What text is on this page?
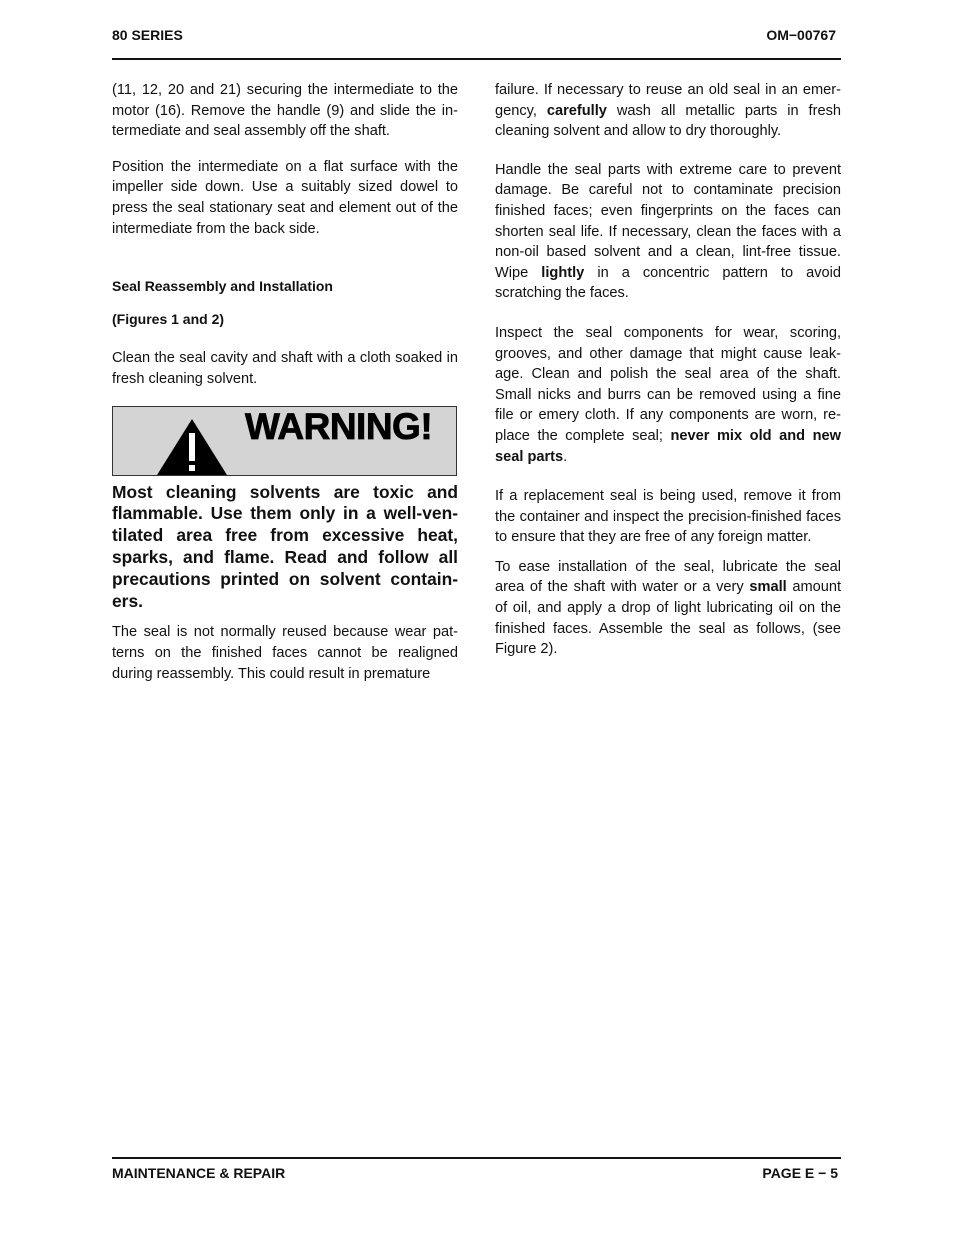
80 SERIES	OM−00767

(11, 12, 20 and 21) securing the intermediate to the motor (16). Remove the handle (9) and slide the intermediate and seal assembly off the shaft.

Position the intermediate on a flat surface with the impeller side down. Use a suitably sized dowel to press the seal stationary seat and element out of the intermediate from the back side.

Seal Reassembly and Installation

(Figures 1 and 2)

Clean the seal cavity and shaft with a cloth soaked in fresh cleaning solvent.

WARNING!

Most cleaning solvents are toxic and flammable. Use them only in a well-ventilated area free from excessive heat, sparks, and flame. Read and follow all precautions printed on solvent containers.

The seal is not normally reused because wear patterns on the finished faces cannot be realigned during reassembly. This could result in premature

failure. If necessary to reuse an old seal in an emergency, carefully wash all metallic parts in fresh cleaning solvent and allow to dry thoroughly.

Handle the seal parts with extreme care to prevent damage. Be careful not to contaminate precision finished faces; even fingerprints on the faces can shorten seal life. If necessary, clean the faces with a non-oil based solvent and a clean, lint-free tissue. Wipe lightly in a concentric pattern to avoid scratching the faces.

Inspect the seal components for wear, scoring, grooves, and other damage that might cause leakage. Clean and polish the seal area of the shaft. Small nicks and burrs can be removed using a fine file or emery cloth. If any components are worn, replace the complete seal; never mix old and new seal parts.

If a replacement seal is being used, remove it from the container and inspect the precision-finished faces to ensure that they are free of any foreign matter.

To ease installation of the seal, lubricate the seal area of the shaft with water or a very small amount of oil, and apply a drop of light lubricating oil on the finished faces. Assemble the seal as follows, (see Figure 2).

MAINTENANCE & REPAIR	PAGE E − 5
